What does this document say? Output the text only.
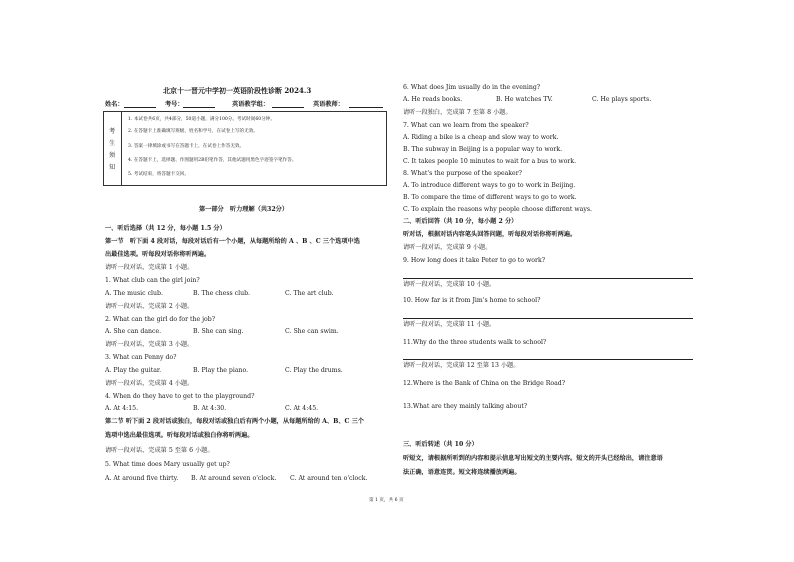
北京十一晋元中学初一英语阶段性诊断 2024.3
姓名：	考号：	英语教学组：	英语教师：
考
生
须
知
1. 本试卷共6页，共4部分，50道小题，满分100分。考试时间60分钟。
2. 在答题卡上准确填写班级、姓名和学号，在试卷上写的无效。
3. 答案一律填涂或书写在答题卡上，在试卷上作答无效。
4. 在答题卡上，选择题、作图题用2B铅笔作答，其他试题用黑色字迹签字笔作答。
5. 考试结束，将答题卡交回。
第一部分　听力理解（共32分）
一、听后选择（共 12 分，每小题 1.5 分）
第一节　听下面 4 段对话，每段对话后有一个小题，从每题所给的 A 、B 、C 三个选项中选
出最佳选项。听每段对话你将听两遍。
请听一段对话，完成第 1 小题。
1. What club can the girl join?
A. The music club.	B. The chess club.	C. The art club.
请听一段对话，完成第 2 小题。
2. What can the girl do for the job?
A. She can dance.	B. She can sing.	C. She can swim.
请听一段对话，完成第 3 小题。
3. What can Penny do?
A. Play the guitar.	B. Play the piano.	C. Play the drums.
请听一段对话，完成第 4 小题。
4. When do they have to get to the playground?
A. At 4:15.	B. At 4:30.	C. At 4:45.
第二节 听下面 2 段对话或独白，每段对话或独白后有两个小题，从每题所给的 A、B、C 三个
选项中选出最佳选项。听每段对话或独白你将听两遍。
请听一段对话，完成第 5 至第 6 小题。
5. What time does Mary usually get up?
A. At around five thirty. B. At around seven o'clock. C. At around ten o'clock.
6. What does Jim usually do in the evening?
A. He reads books.	B. He watches TV.	C. He plays sports.
请听一段独白，完成第 7 至第 8 小题。
7. What can we learn from the speaker?
A. Riding a bike is a cheap and slow way to work.
B. The subway in Beijing is a popular way to work.
C. It takes people 10 minutes to wait for a bus to work.
8. What's the purpose of the speaker?
A. To introduce different ways to go to work in Beijing.
B. To compare the time of different ways to go to work.
C. To explain the reasons why people choose different ways.
二、听后回答（共 10 分，每小题 2 分）
听对话，根据对话内容笔头回答问题，听每段对话你将听两遍。
请听一段对话，完成第 9 小题。
9. How long does it take Peter to go to work?
请听一段对话，完成第 10 小题。
10. How far is it from Jim's home to school?
请听一段对话，完成第 11 小题。
11.Why do the three students walk to school?
请听一段对话，完成第 12 至第 13 小题。
12.Where is the Bank of China on the Bridge Road?
13.What are they mainly talking about?
三、听后转述（共 10 分）
听短文，请根据所听到的内容和提示信息写出短文的主要内容。短文的开头已经给出，请注意语
法正确，语意连贯。短文将连续播放两遍。
第 1 页，共 6 页
